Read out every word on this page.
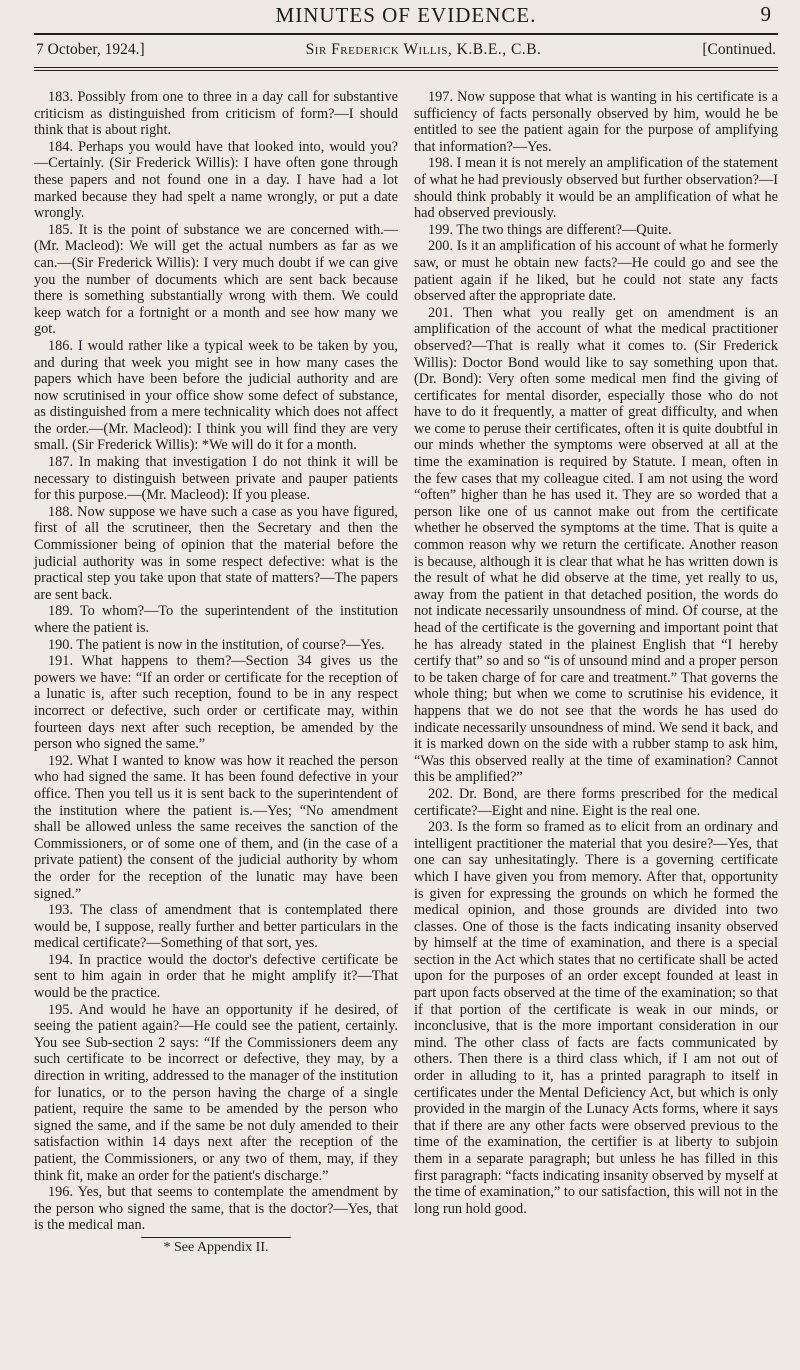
MINUTES OF EVIDENCE.	9
7 October, 1924.]	Sir Frederick Willis, K.B.E., C.B.	[Continued.

183. Possibly from one to three in a day call for substantive criticism as distinguished from criticism of form?—I should think that is about right.

184. Perhaps you would have that looked into, would you?—Certainly. (Sir Frederick Willis): I have often gone through these papers and not found one in a day. I have had a lot marked because they had spelt a name wrongly, or put a date wrongly.

185. It is the point of substance we are concerned with.—(Mr. Macleod): We will get the actual numbers as far as we can.—(Sir Frederick Willis): I very much doubt if we can give you the number of documents which are sent back because there is something substantially wrong with them. We could keep watch for a fortnight or a month and see how many we got.

186. I would rather like a typical week to be taken by you, and during that week you might see in how many cases the papers which have been before the judicial authority and are now scrutinised in your office show some defect of substance, as distinguished from a mere technicality which does not affect the order.—(Mr. Macleod): I think you will find they are very small. (Sir Frederick Willis): *We will do it for a month.

187. In making that investigation I do not think it will be necessary to distinguish between private and pauper patients for this purpose.—(Mr. Macleod): If you please.

188. Now suppose we have such a case as you have figured, first of all the scrutineer, then the Secretary and then the Commissioner being of opinion that the material before the judicial authority was in some respect defective: what is the practical step you take upon that state of matters?—The papers are sent back.

189. To whom?—To the superintendent of the institution where the patient is.

190. The patient is now in the institution, of course?—Yes.

191. What happens to them?—Section 34 gives us the powers we have: “If an order or certificate for the reception of a lunatic is, after such reception, found to be in any respect incorrect or defective, such order or certificate may, within fourteen days next after such reception, be amended by the person who signed the same.”

192. What I wanted to know was how it reached the person who had signed the same. It has been found defective in your office. Then you tell us it is sent back to the superintendent of the institution where the patient is.—Yes; “No amendment shall be allowed unless the same receives the sanction of the Commissioners, or of some one of them, and (in the case of a private patient) the consent of the judicial authority by whom the order for the reception of the lunatic may have been signed.”

193. The class of amendment that is contemplated there would be, I suppose, really further and better particulars in the medical certificate?—Something of that sort, yes.

194. In practice would the doctor's defective certificate be sent to him again in order that he might amplify it?—That would be the practice.

195. And would he have an opportunity if he desired, of seeing the patient again?—He could see the patient, certainly. You see Sub-section 2 says: “If the Commissioners deem any such certificate to be incorrect or defective, they may, by a direction in writing, addressed to the manager of the institution for lunatics, or to the person having the charge of a single patient, require the same to be amended by the person who signed the same, and if the same be not duly amended to their satisfaction within 14 days next after the reception of the patient, the Commissioners, or any two of them, may, if they think fit, make an order for the patient's discharge.”

196. Yes, but that seems to contemplate the amendment by the person who signed the same, that is the doctor?—Yes, that is the medical man.

* See Appendix II.

197. Now suppose that what is wanting in his certificate is a sufficiency of facts personally observed by him, would he be entitled to see the patient again for the purpose of amplifying that information?—Yes.

198. I mean it is not merely an amplification of the statement of what he had previously observed but further observation?—I should think probably it would be an amplification of what he had observed previously.

199. The two things are different?—Quite.

200. Is it an amplification of his account of what he formerly saw, or must he obtain new facts?—He could go and see the patient again if he liked, but he could not state any facts observed after the appropriate date.

201. Then what you really get on amendment is an amplification of the account of what the medical practitioner observed?—That is really what it comes to. (Sir Frederick Willis): Doctor Bond would like to say something upon that. (Dr. Bond): Very often some medical men find the giving of certificates for mental disorder, especially those who do not have to do it frequently, a matter of great difficulty, and when we come to peruse their certificates, often it is quite doubtful in our minds whether the symptoms were observed at all at the time the examination is required by Statute. I mean, often in the few cases that my colleague cited. I am not using the word “often” higher than he has used it. They are so worded that a person like one of us cannot make out from the certificate whether he observed the symptoms at the time. That is quite a common reason why we return the certificate. Another reason is because, although it is clear that what he has written down is the result of what he did observe at the time, yet really to us, away from the patient in that detached position, the words do not indicate necessarily unsoundness of mind. Of course, at the head of the certificate is the governing and important point that he has already stated in the plainest English that “I hereby certify that” so and so “is of unsound mind and a proper person to be taken charge of for care and treatment.” That governs the whole thing; but when we come to scrutinise his evidence, it happens that we do not see that the words he has used do indicate necessarily unsoundness of mind. We send it back, and it is marked down on the side with a rubber stamp to ask him, “Was this observed really at the time of examination? Cannot this be amplified?”

202. Dr. Bond, are there forms prescribed for the medical certificate?—Eight and nine. Eight is the real one.

203. Is the form so framed as to elicit from an ordinary and intelligent practitioner the material that you desire?—Yes, that one can say unhesitatingly. There is a governing certificate which I have given you from memory. After that, opportunity is given for expressing the grounds on which he formed the medical opinion, and those grounds are divided into two classes. One of those is the facts indicating insanity observed by himself at the time of examination, and there is a special section in the Act which states that no certificate shall be acted upon for the purposes of an order except founded at least in part upon facts observed at the time of the examination; so that if that portion of the certificate is weak in our minds, or inconclusive, that is the more important consideration in our mind. The other class of facts are facts communicated by others. Then there is a third class which, if I am not out of order in alluding to it, has a printed paragraph to itself in certificates under the Mental Deficiency Act, but which is only provided in the margin of the Lunacy Acts forms, where it says that if there are any other facts were observed previous to the time of the examination, the certifier is at liberty to subjoin them in a separate paragraph; but unless he has filled in this first paragraph: “facts indicating insanity observed by myself at the time of examination,” to our satisfaction, this will not in the long run hold good.
